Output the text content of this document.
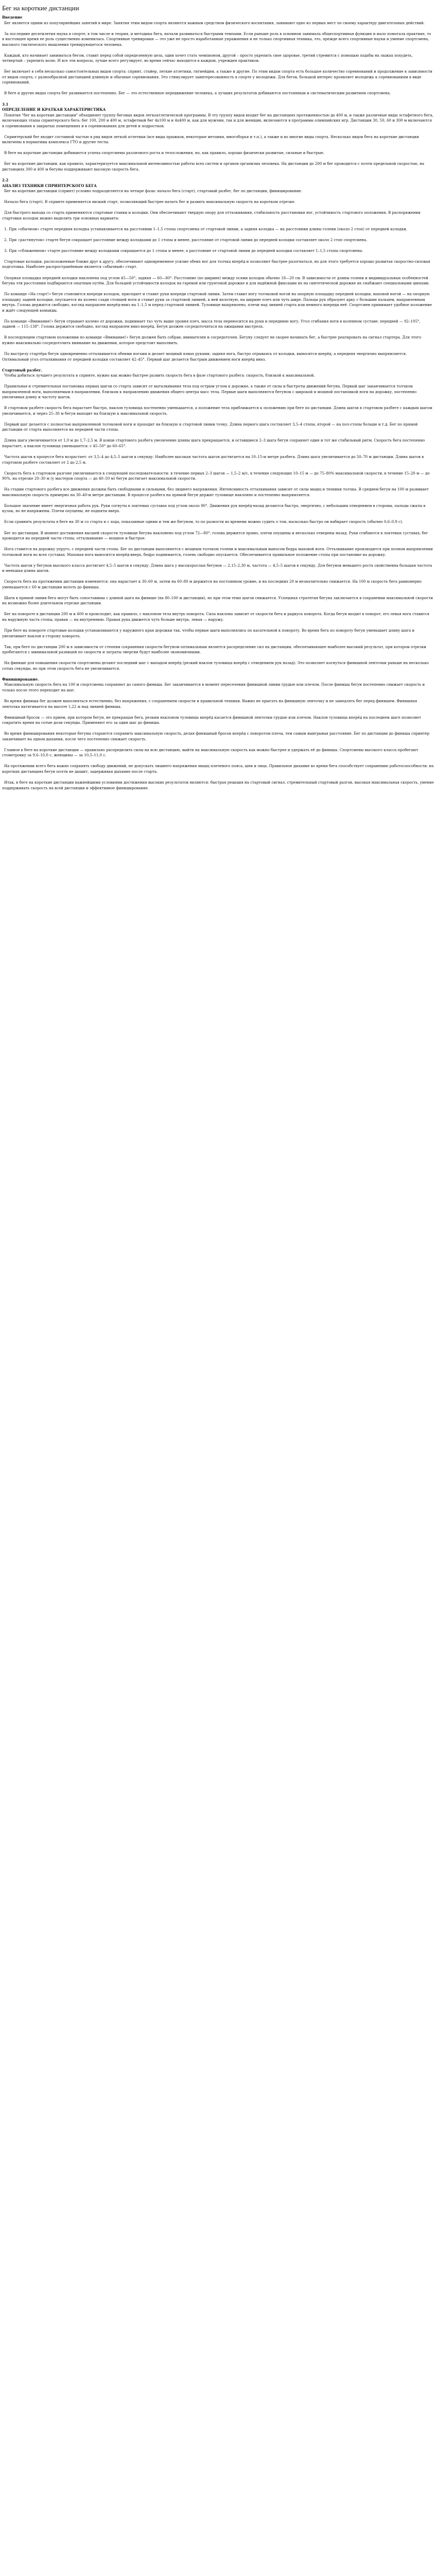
Бег на короткие дистанции

Введение

Бег является одним из популярнейших занятий в мире. Занятия этим видом спорта являются важным средством физического воспитания, занимают одно из первых мест по своему характеру двигательных действий.

За последние десятилетия наука в спорте, в том числе и теория, и методика бега, начали развиваться быстрыми темпами. Если раньше роль в основном занимала общеспортивная функция и мало помогала практике, то в настоящее время ее роль существенно изменилась. Спортивные тренировки — это уже не просто наработанные упражнения и не только спортивная техника, это, прежде всего спортивные науки и умение спортсмена, высокого тактического мышления тренирующегося человека.

Каждый, кто начинает заниматься бегом, ставит перед собой определенную цель, один хочет стать чемпионом, другой – просто укрепить свое здоровье, третий стремится с помощью ходьбы на лыжах похудеть, четвертый – укрепить волю. И все эти вопросы, лучше всего регулирует, во время сейчас находятся в каждом, учрежден практиков.

Бег включает в себя несколько самостоятельных видов спорта: спринт, стайер, легкие атлетики, гигиейдим, а также и другие. По этим видам спорта есть большое количество соревнований и продолжение в зависимости от видов спорта, с разнообразной дистанцией длинную и обычные соревнования. Это стимулирует заинтересованность в спорте у молодежи. Для бегов, большой интерес проявляет молодежь к соревнованиям в виде соревнований.

В беге и других видах спорта бег развивается постепенно. Бег — это естественное передвижение человека, а лучших результатов добиваются постоянным и систематическим развитием спортсмена.

3.1

ОПРЕДЕЛЕНИЕ И КРАТКАЯ ХАРАКТЕРИСТИКА

Понятие "бег на короткие дистанции" объединяет группу беговых видов легкоатлетической программы. В эту группу видов входит бег на дистанциях протяженностью до 400 м, и также различные виды эстафетного бега, включающих этапы спринтерского бега: бег 100, 200 и 400 м, эстафетный бег 4х100 м и 4х400 м, как для мужчин, так и для женщин, включаются в программы олимпийских игр. Дистанции 30, 50, 60 и 300 м включаются в соревнования в закрытых помещениях и в соревнованиях для детей и подростков.

Спринтерский бег входит составной частью в ряд видов легкой атлетики (все виды прыжков, некоторые метания, многоборья и т.п.), а также и во многие виды спорта. Несколько видов бега на короткие дистанции включены в нормативы комплекса ГТО и другие тесты.

В беге на короткие дистанции добиваются успеха спортсмены различного роста и телосложения, но, как правило, хорошо физически развитые, сильные и быстрые.

Бег на короткие дистанции, как правило, характеризуется максимальной интенсивностью работы всех систем и органов организма человека. На дистанции до 200 м бег проводится с почти предельной скоростью, на дистанциях 300 и 400 м бегуны поддерживают высокую скорость бега.

2.2

АНАЛИЗ ТЕХНИКИ СПРИНТЕРСКОГО БЕГА

Бег на короткие дистанции (спринт) условно подразделяется на четыре фазы: начало бега (старт), стартовый разбег, бег по дистанции, финиширование.

Начало бега (старт). В спринте применяется низкий старт, позволяющий быстрее начать бег и развить максимальную скорость на коротком отрезке.

Для быстрого выхода со старта применяются стартовые станки и колодки. Они обеспечивают твердую опору для отталкивания, стабильность расстановки ног, устойчивость стартового положения. В распоряжении стартовых колодок можно выделить три основных варианта:

1. При «обычном» старте передняя колодка устанавливается на расстоянии 1–1,5 стопы спортсмена от стартовой линии, а задняя колодка — на расстоянии длины голени (около 2 стоп) от передней колодки.

2. При «растянутом» старте бегун сокращает расстояние между колодками до 1 стопы и менее, расстояние от стартовой линии до передней колодки составляет около 2 стоп спортсмена.

3. При «сближенном» старте расстояние между колодками сокращается до 1 стопы и менее, а расстояние от стартовой линии до передней колодки составляет 1–1,5 стопы спортсмена.

Стартовые колодки, расположенные ближе друг к другу, обеспечивают одновременное усилие обеих ног для толчка вперёд и позволяют быстрее разогнаться, но для этого требуется хорошо развитая скоростно-силовая подготовка. Наиболее распространённым является «обычный» старт.

Опорная площадка передней колодки наклонена под углом 45—50°, задняя — 60—80°. Расстояние (по ширине) между осями колодок обычно 18—20 см. В зависимости от длины голени и индивидуальных особенностей бегуна эти расстояния подбираются опытным путём. Для большей устойчивости колодок на гаревой или грунтовой дорожке и для надёжной фиксации их на синтетической дорожке их снабжают специальными шипами.

По команде «На старт!» бегун становится впереди колодок, приседает и ставит руки впереди стартовой линии. Затем ставит ногу толчковой ногой на опорную площадку передней колодки, маховой ногой — на опорную площадку задней колодки, опускается на колено сзади стоящей ноги и ставит руки за стартовой линией, к ней вплотную, на ширине плеч или чуть шире. Пальцы рук образуют арку с большим пальцем, направленным внутрь. Голова держится свободно, взгляд направлен вперёд-вниз на 1–1,5 м перед стартовой линией. Туловище выпрямлено, плечи над линией старта или немного впереди неё. Спортсмен принимает удобное положение и ждёт следующей команды.

По команде «Внимание!» бегун отрывает колено от дорожки, поднимает таз чуть выше уровня плеч, масса тела переносится на руки и переднюю ногу. Угол сгибания ноги в коленном суставе: передней — 92–105°, задней — 115–138°. Голова держится свободно, взгляд направлен вниз-вперёд. Бегун должен сосредоточиться на ожидании выстрела.

В последующем стартовом положении по команде «Внимание!» бегун должен быть собран, внимателен и сосредоточен. Бегуну следует не скорее начинать бег, а быстрее реагировать на сигнал стартера. Для этого нужно максимально сосредоточить внимание на движении, которое предстоит выполнить.

По выстрелу стартёра бегун одновременно отталкивается обеими ногами и делает мощный взмах руками; задняя нога, быстро отрываясь от колодки, выносится вперёд, а передняя энергично выпрямляется. Оптимальный угол отталкивания от передней колодки составляет 42–45°. Первый шаг делается быстрым движением ноги вперёд вниз.

Стартовый разбег.

Чтобы добиться лучшего результата в спринте, нужно как можно быстрее развить скорость бега в фазе стартового разбега: скорость, близкой к максимальной.

Правильная и стремительная постановка первых шагов со старта зависит от выталкивания тела под острым углом к дорожке, а также от силы и быстроты движений бегуна. Первый шаг заканчивается толчком выпрямленной ноги, выполняемым в направлении, близком к направлению движения общего центра масс тела. Первые шаги выполняются бегуном с широкой и мощной постановкой ноги на дорожку, постепенно увеличивая длину и частоту шагов.

В стартовом разбеге скорость бега нарастает быстро, наклон туловища постепенно уменьшается, а положение тела приближается к положению при беге по дистанции. Длина шагов в стартовом разбеге с каждым шагом увеличивается, и через 25–30 м бегун выходит на близкую к максимальной скорость.

Первый шаг делается с полностью выпрямленной толчковой ноги и проходит на близкую к стартовой линии точку. Длина первого шага составляет 3,5–4 стопы, второй — на пол-стопы больше и т.д. Бег по прямой дистанции от старта выполняется на передней части стопы.

Длина шага увеличивается от 1,0 м до 1,7–2,5 м. В конце стартового разбега увеличение длины шага прекращается, и оставшиеся 2–3 шага бегун сохраняет один и тот же стабильный ритм. Скорость бега постепенно нарастает, а наклон туловища уменьшается: с 45–50° до 60–65°.

Частота шагов в процессе бега возрастает: от 3,5–4 до 4,5–5 шагов в секунду. Наиболее высокая частота шагов достигается на 10–15-м метре разбега. Длина шага увеличивается до 50–70 м дистанции. Длина шагов в стартовом разбеге составляет от 2 до 2,5 м.

Скорость бега в стартовом разгоне увеличивается в следующей последовательности: в течение первых 2–3 шагов — 1,5–2 м/с, в течение следующих 10–15 м — до 75–80% максимальной скорости, в течение 15–20 м — до 90%, на отрезке 20–30 м (у мастеров спорта — до 40–50 м) бегун достигает максимальной скорости.

На стадии стартового разбега все движения должны быть свободными и сильными, без лишнего напряжения. Интенсивность отталкивания зависит от силы мышц и техники толчка. В среднем бегун на 100 м развивает максимальную скорость примерно на 30–40-м метре дистанции. В процессе разбега на прямой бегун держит туловище наклонно и постепенно выпрямляется.

Большое значение имеет энергичная работа рук. Руки согнуты в локтевых суставах под углом около 90°. Движения рук вперёд-назад делаются быстро, энергично, с небольшим отведением в стороны, пальцы сжаты в кулак, но не напряжены. Плечи опущены, не подняты вверх.

Если сравнить результаты в беге на 30 м со старта и с хода, показанные одним и тем же бегуном, то по разности во времени можно судить о том, насколько быстро он набирает скорость (обычно 0,6–0,9 с).

Бег по дистанции. В момент достижения высшей скорости туловище бегуна наклонено под углом 72—80°, голова держится прямо, плечи опущены и несколько отведены назад. Руки сгибаются в локтевых суставах; бег проводится на передней части стопы, отталкивание — мощное и быстрое.

Нога ставится на дорожку упруго, с передней части стопы. Бег по дистанции выполняется с мощным толчком голени и максимальным выносом бедра маховой ноги. Отталкивание производится при полном выпрямлении толчковой ноги во всех суставах. Маховая нога выносится вперёд-вверх, бедро поднимается, голень свободно опускается. Обеспечивается правильное положение стопы при постановке на дорожку.

Частота шагов у бегунов высокого класса достигает 4,5–5 шагов в секунду. Длина шага у высокорослых бегунов — 2,15–2,30 м, частота — 4,5–5 шагов в секунду. Для бегунов меньшего роста свойственна большая частота и меньшая длина шагов.

Скорость бега на протяжении дистанции изменяется: она нарастает к 30–60 м, затем на 60–80 м держится на постоянном уровне, и на последних 20 м незначительно снижается. На 100 м скорость бега равномерно уменьшается с 60 м дистанции вплоть до финиша.

Шаги в прямой линии бега могут быть сопоставимы с длиной шага на финише (на 80–100 м дистанции), но при этом темп шагов снижается. Успешная стратегия бегуна заключается в сохранении максимальной скорости на возможно более длительном отрезке дистанции.

Бег на повороте в дистанции 200 м и 400 м происходит, как правило, с наклоном тела внутрь поворота. Сила наклона зависит от скорости бега и радиуса поворота. Когда бегун входит в поворот, его левая нога ставится на наружную часть стопы, правая — на внутреннюю. Правая рука движется чуть больше внутрь, левая — наружу.

При беге на повороте стартовые колодки устанавливаются у наружного края дорожки так, чтобы первые шаги выполнялись по касательной к повороту. Во время бега по повороту бегун уменьшает длину шага и увеличивает наклон в сторону поворота.

Так, при беге по дистанции 200 м в зависимости от степени сохранения скорости бегуном оптимальным является распределение сил на дистанции, обеспечивающее наиболее высокий результат, при котором отрезки пробегаются с минимальной разницей по скорости и затраты энергии будут наиболее экономичными.

На финише для повышения скорости спортсмены делают последний шаг с выпадом вперёд (резкий наклон туловища вперёд с отведением рук назад). Это позволяет коснуться финишной ленточки раньше на несколько сотых секунды, но при этом скорость бега не увеличивается.

Финиширование.

Максимальную скорость бега на 100 м спортсмены сохраняют до самого финиша. Бег заканчивается в момент пересечения финишной линии грудью или плечом. После финиша бегун постепенно снижает скорость и только после этого переходит на шаг.

Во время финиша бег должен выполняться естественно, без напряжения, с сохранением скорости и правильной техники. Важно не прыгать на финишную ленточку и не замедлять бег перед финишем. Финишная ленточка натягивается на высоте 1,22 м над линией финиша.

Финишный бросок — это прием, при котором бегун, не прекращая бега, резким наклоном туловища вперёд касается финишной ленточки грудью или плечом. Наклон туловища вперёд на последнем шаге позволяет сократить время на сотые доли секунды. Применяют его за один шаг до финиша.

Во время финиширования некоторые бегуны стараются сохранить максимальную скорость, делая финишный бросок вперёд с поворотом плеча, тем самым выигрывая расстояние. Бег по дистанции до финиша спринтер заканчивает на одном дыхании, после чего постепенно снижает скорость.

Главное в беге на короткие дистанции — правильно распределить силы на всю дистанцию, выйти на максимальную скорость как можно быстрее и удержать её до финиша. Спортсмены высокого класса пробегают стометровку за 9,6–10,0 с, женщины — за 10,5–11,0 с.

На протяжении всего бега важно сохранять свободу движений, не допускать лишнего напряжения мышц плечевого пояса, шеи и лица. Правильное дыхание во время бега способствует сохранению работоспособности: на коротких дистанциях бегун почти не дышит, задерживая дыхание после старта.

Итак, в беге на короткие дистанции важнейшими условиями достижения высоких результатов являются: быстрая реакция на стартовый сигнал, стремительный стартовый разгон, высокая максимальная скорость, умение поддерживать скорость на всей дистанции и эффективное финиширование.
